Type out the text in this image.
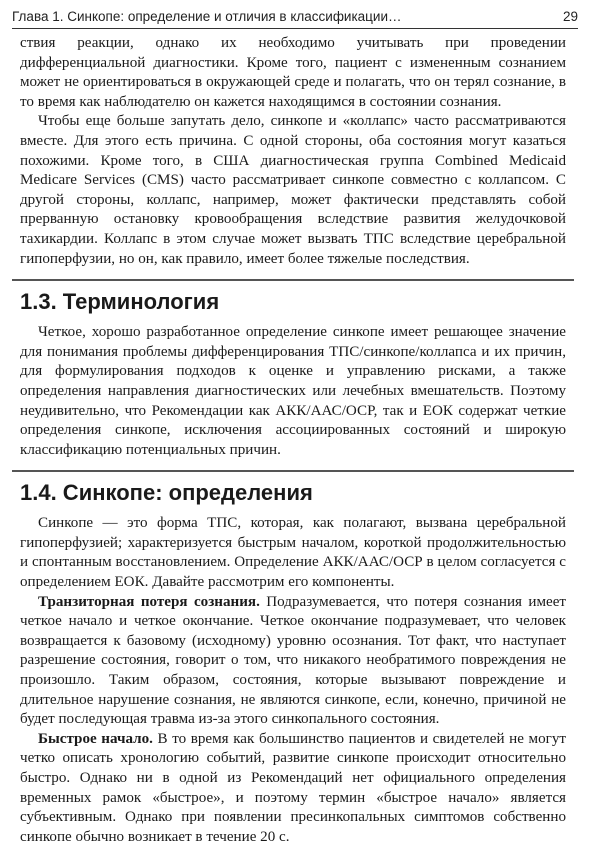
Глава 1. Синкопе: определение и отличия в классификации…	29

ствия реакции, однако их необходимо учитывать при проведении дифференциальной диагностики. Кроме того, пациент с измененным сознанием может не ориентироваться в окружающей среде и полагать, что он терял сознание, в то время как наблюдателю он кажется находящимся в состоянии сознания.

Чтобы еще больше запутать дело, синкопе и «коллапс» часто рассматриваются вместе. Для этого есть причина. С одной стороны, оба состояния могут казаться похожими. Кроме того, в США диагностическая группа Combined Medicaid Medicare Services (CMS) часто рассматривает синкопе совместно с коллапсом. С другой стороны, коллапс, например, может фактически представлять собой прерванную остановку кровообращения вследствие развития желудочковой тахикардии. Коллапс в этом случае может вызвать ТПС вследствие церебральной гипоперфузии, но он, как правило, имеет более тяжелые последствия.

1.3. Терминология

Четкое, хорошо разработанное определение синкопе имеет решающее значение для понимания проблемы дифференцирования ТПС/синкопе/коллапса и их причин, для формулирования подходов к оценке и управлению рисками, а также определения направления диагностических или лечебных вмешательств. Поэтому неудивительно, что Рекомендации как АКК/ААС/ОСР, так и ЕОК содержат четкие определения синкопе, исключения ассоциированных состояний и широкую классификацию потенциальных причин.

1.4. Синкопе: определения

Синкопе — это форма ТПС, которая, как полагают, вызвана церебральной гипоперфузией; характеризуется быстрым началом, короткой продолжительностью и спонтанным восстановлением. Определение АКК/ААС/ОСР в целом согласуется с определением ЕОК. Давайте рассмотрим его компоненты.

Транзиторная потеря сознания. Подразумевается, что потеря сознания имеет четкое начало и четкое окончание. Четкое окончание подразумевает, что человек возвращается к базовому (исходному) уровню осознания. Тот факт, что наступает разрешение состояния, говорит о том, что никакого необратимого повреждения не произошло. Таким образом, состояния, которые вызывают повреждение и длительное нарушение сознания, не являются синкопе, если, конечно, причиной не будет последующая травма из-за этого синкопального состояния.

Быстрое начало. В то время как большинство пациентов и свидетелей не могут четко описать хронологию событий, развитие синкопе происходит относительно быстро. Однако ни в одной из Рекомендаций нет официального определения временных рамок «быстрое», и поэтому термин «быстрое начало» является субъективным. Однако при появлении пресинкопальных симптомов собственно синкопе обычно возникает в течение 20 с.
